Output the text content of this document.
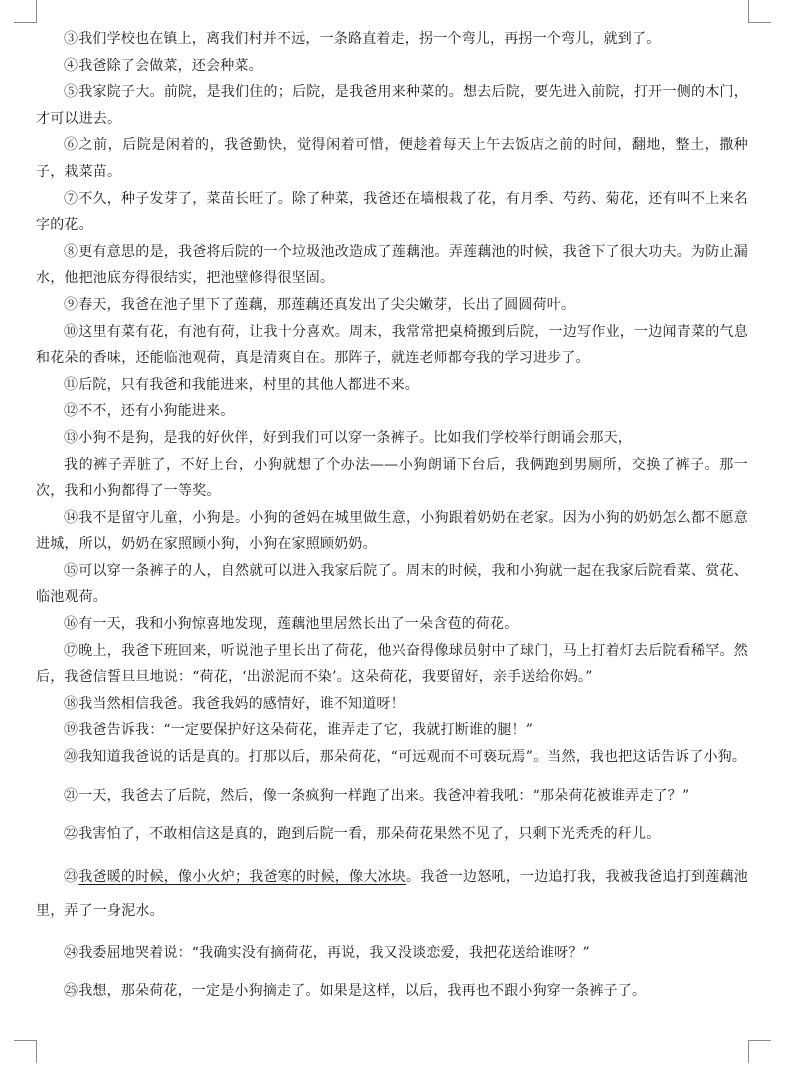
③我们学校也在镇上，离我们村并不远，一条路直着走，拐一个弯儿，再拐一个弯儿，就到了。

④我爸除了会做菜，还会种菜。

⑤我家院子大。前院，是我们住的；后院，是我爸用来种菜的。想去后院，要先进入前院，打开一侧的木门，才可以进去。

⑥之前，后院是闲着的，我爸勤快，觉得闲着可惜，便趁着每天上午去饭店之前的时间，翻地，整土，撒种子，栽菜苗。

⑦不久，种子发芽了，菜苗长旺了。除了种菜，我爸还在墙根栽了花，有月季、芍药、菊花，还有叫不上来名字的花。

⑧更有意思的是，我爸将后院的一个垃圾池改造成了莲藕池。弄莲藕池的时候，我爸下了很大功夫。为防止漏水，他把池底夯得很结实，把池壁修得很坚固。

⑨春天，我爸在池子里下了莲藕，那莲藕还真发出了尖尖嫩芽，长出了圆圆荷叶。

⑩这里有菜有花，有池有荷，让我十分喜欢。周末，我常常把桌椅搬到后院，一边写作业，一边闻青菜的气息和花朵的香味，还能临池观荷，真是清爽自在。那阵子，就连老师都夸我的学习进步了。

⑪后院，只有我爸和我能进来，村里的其他人都进不来。

⑫不不，还有小狗能进来。

⑬小狗不是狗，是我的好伙伴，好到我们可以穿一条裤子。比如我们学校举行朗诵会那天，

我的裤子弄脏了，不好上台，小狗就想了个办法——小狗朗诵下台后，我俩跑到男厕所，交换了裤子。那一次，我和小狗都得了一等奖。

⑭我不是留守儿童，小狗是。小狗的爸妈在城里做生意，小狗跟着奶奶在老家。因为小狗的奶奶怎么都不愿意进城，所以，奶奶在家照顾小狗，小狗在家照顾奶奶。

⑮可以穿一条裤子的人，自然就可以进入我家后院了。周末的时候，我和小狗就一起在我家后院看菜、赏花、临池观荷。

⑯有一天，我和小狗惊喜地发现，莲藕池里居然长出了一朵含苞的荷花。

⑰晚上，我爸下班回来，听说池子里长出了荷花，他兴奋得像球员射中了球门，马上打着灯去后院看稀罕。然后，我爸信誓旦旦地说：“荷花，‘出淤泥而不染’。这朵荷花，我要留好，亲手送给你妈。”

⑱我当然相信我爸。我爸我妈的感情好，谁不知道呀！

⑲我爸告诉我：“一定要保护好这朵荷花，谁弄走了它，我就打断谁的腿！”

⑳我知道我爸说的话是真的。打那以后，那朵荷花，“可远观而不可亵玩焉”。当然，我也把这话告诉了小狗。

㉑一天，我爸去了后院，然后，像一条疯狗一样跑了出来。我爸冲着我吼：“那朵荷花被谁弄走了？”

㉒我害怕了，不敢相信这是真的，跑到后院一看，那朵荷花果然不见了，只剩下光秃秃的秆儿。

㉓我爸暖的时候，像小火炉；我爸寒的时候，像大冰块。我爸一边怒吼，一边追打我，我被我爸追打到莲藕池里，弄了一身泥水。

㉔我委屈地哭着说：“我确实没有摘荷花，再说，我又没谈恋爱，我把花送给谁呀？”

㉕我想，那朵荷花，一定是小狗摘走了。如果是这样，以后，我再也不跟小狗穿一条裤子了。
